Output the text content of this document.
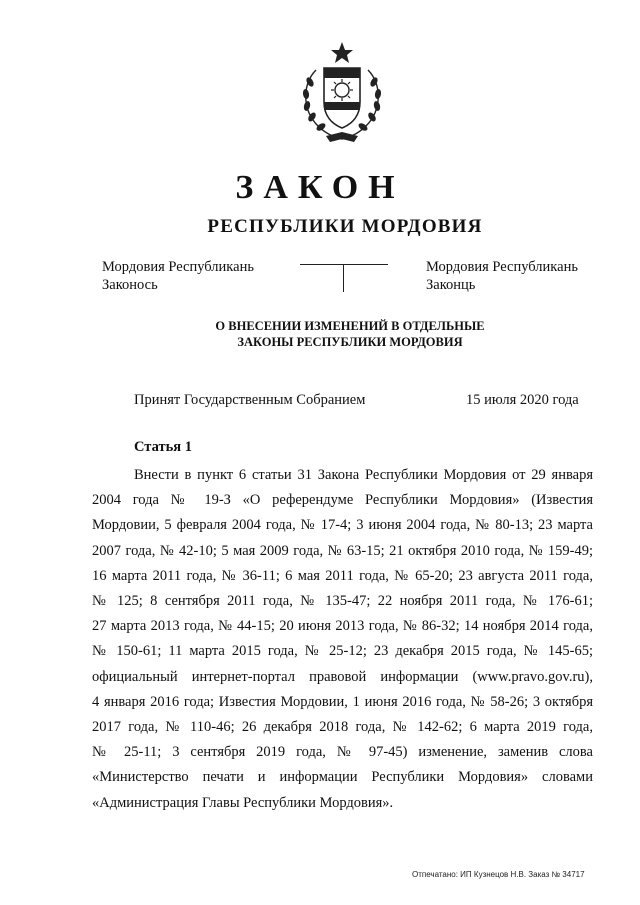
ЗАКОН
РЕСПУБЛИКИ МОРДОВИЯ
Мордовия Республикань
Законось
Мордовия Республикань
Законць
О ВНЕСЕНИИ ИЗМЕНЕНИЙ В ОТДЕЛЬНЫЕ
ЗАКОНЫ РЕСПУБЛИКИ МОРДОВИЯ
Принят Государственным Собранием	15 июля 2020 года
Статья 1
Внести в пункт 6 статьи 31 Закона Республики Мордовия от 29 января
2004 года № 19-З «О референдуме Республики Мордовия» (Известия
Мордовии, 5 февраля 2004 года, № 17-4; 3 июня 2004 года, № 80-13; 23 марта
2007 года, № 42-10; 5 мая 2009 года, № 63-15; 21 октября 2010 года, № 159-49;
16 марта 2011 года, № 36-11; 6 мая 2011 года, № 65-20; 23 августа 2011 года,
№ 125; 8 сентября 2011 года, № 135-47; 22 ноября 2011 года, № 176-61;
27 марта 2013 года, № 44-15; 20 июня 2013 года, № 86-32; 14 ноября 2014 года,
№ 150-61; 11 марта 2015 года, № 25-12; 23 декабря 2015 года, № 145-65;
официальный интернет-портал правовой информации (www.pravo.gov.ru),
4 января 2016 года; Известия Мордовии, 1 июня 2016 года, № 58-26; 3 октября
2017 года, № 110-46; 26 декабря 2018 года, № 142-62; 6 марта 2019 года,
№ 25-11; 3 сентября 2019 года, № 97-45) изменение, заменив слова
«Министерство печати и информации Республики Мордовия» словами
«Администрация Главы Республики Мордовия».
Отпечатано: ИП Кузнецов Н.В. Заказ № 34717
